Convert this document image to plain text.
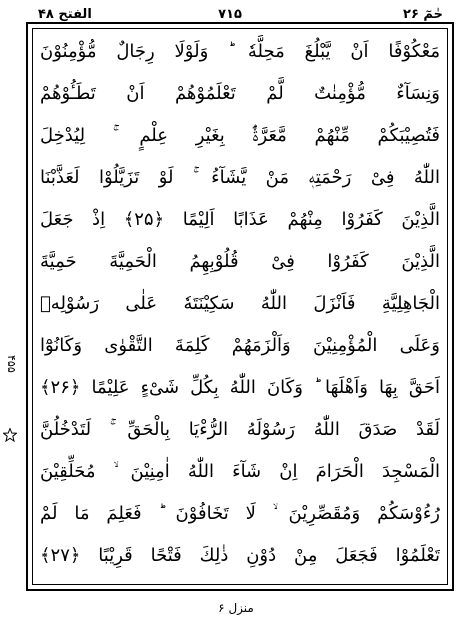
حٰمٓ ۲۶
۷۱۵
الفتح ۴۸
مَعْكُوْفًا اَنْ يَّبْلُغَ مَحِلَّهٗ ؕ وَلَوْلَا رِجَالٌ مُّؤْمِنُوْنَ
وَنِسَآءٌ مُّؤْمِنٰتٌ لَّمْ تَعْلَمُوْهُمْ اَنْ تَطَـُٔوْهُمْ
فَتُصِيْبَكُمْ مِّنْهُمْ مَّعَرَّةٌۢ بِغَيْرِ عِلْمٍ ۚ لِيُدْخِلَ
اللّٰهُ فِىْ رَحْمَتِهٖ مَنْ يَّشَآءُ ۚ لَوْ تَزَيَّلُوْا لَعَذَّبْنَا
الَّذِيْنَ كَفَرُوْا مِنْهُمْ عَذَابًا اَلِيْمًا ﴿۲۵﴾ اِذْ جَعَلَ
الَّذِيْنَ كَفَرُوْا فِىْ قُلُوْبِهِمُ الْحَمِيَّةَ حَمِيَّةَ
الْجَاهِلِيَّةِ فَاَنْزَلَ اللّٰهُ سَكِيْنَتَهٗ عَلٰى رَسُوْلِهٖ
وَعَلَى الْمُؤْمِنِيْنَ وَاَلْزَمَهُمْ كَلِمَةَ التَّقْوٰى وَكَانُوْٓا
اَحَقَّ بِهَا وَاَهْلَهَا ؕ وَكَانَ اللّٰهُ بِكُلِّ شَىْءٍ عَلِيْمًا ﴿۲۶﴾
لَقَدْ صَدَقَ اللّٰهُ رَسُوْلَهُ الرُّءْيَا بِالْحَقِّ ۚ لَتَدْخُلُنَّ
الْمَسْجِدَ الْحَرَامَ اِنْ شَآءَ اللّٰهُ اٰمِنِيْنَ ۙ مُحَلِّقِيْنَ
رُءُوْسَكُمْ وَمُقَصِّرِيْنَ ۙ لَا تَخَافُوْنَ ؕ فَعَلِمَ مَا لَمْ
تَعْلَمُوْا فَجَعَلَ مِنْ دُوْنِ ذٰلِكَ فَتْحًا قَرِيْبًا ﴿۲۷﴾
۴۵۵
منزل ۶
